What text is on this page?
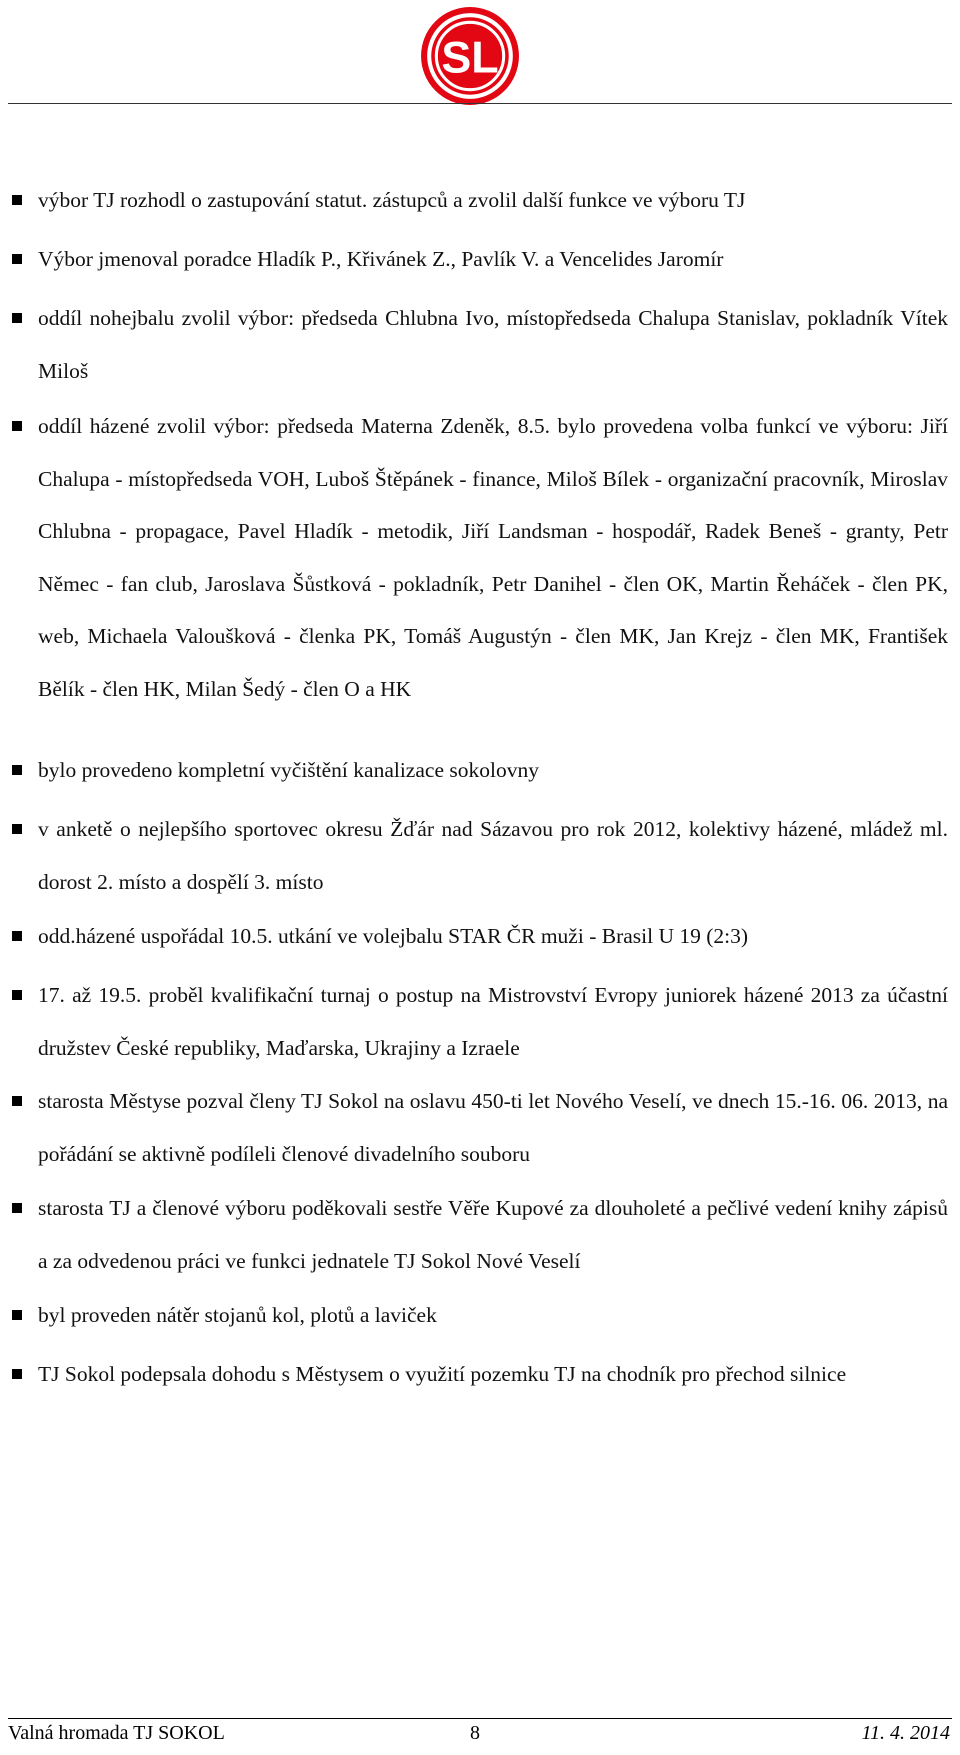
SL
výbor TJ rozhodl o zastupování statut. zástupců a zvolil další funkce ve výboru TJ
Výbor jmenoval poradce Hladík P., Křivánek Z., Pavlík V. a Vencelides Jaromír
oddíl nohejbalu zvolil výbor: předseda Chlubna Ivo, místopředseda Chalupa Stanislav, pokladník Vítek Miloš
oddíl házené zvolil výbor: předseda Materna Zdeněk, 8.5. bylo provedena volba funkcí ve výboru: Jiří Chalupa - místopředseda VOH, Luboš Štěpánek - finance, Miloš Bílek - organizační pracovník, Miroslav Chlubna - propagace, Pavel Hladík - metodik, Jiří Landsman - hospodář, Radek Beneš - granty, Petr Němec - fan club, Jaroslava Šůstková - pokladník, Petr Danihel - člen OK, Martin Řeháček - člen PK, web, Michaela Valoušková - členka PK, Tomáš Augustýn - člen MK, Jan Krejz - člen MK, František Bělík - člen HK, Milan Šedý - člen O a HK
bylo provedeno kompletní vyčištění kanalizace sokolovny
v anketě o nejlepšího sportovec okresu Žďár nad Sázavou pro rok 2012, kolektivy házené, mládež ml. dorost 2. místo a dospělí 3. místo
odd.házené uspořádal 10.5. utkání ve volejbalu STAR ČR muži - Brasil U 19 (2:3)
17. až 19.5. proběl kvalifikační turnaj o postup na Mistrovství Evropy juniorek házené 2013 za účastní družstev České republiky, Maďarska, Ukrajiny a Izraele
starosta Městyse pozval členy TJ Sokol na oslavu 450-ti let Nového Veselí, ve dnech 15.-16. 06. 2013, na pořádání se aktivně podíleli členové divadelního souboru
starosta TJ a členové výboru poděkovali sestře Věře Kupové za dlouholeté a pečlivé vedení knihy zápisů a za odvedenou práci ve funkci jednatele TJ Sokol Nové Veselí
byl proveden nátěr stojanů kol, plotů a laviček
TJ Sokol podepsala dohodu s Městysem o využití pozemku TJ na chodník pro přechod silnice
Valná hromada TJ SOKOL	8	11. 4. 2014
